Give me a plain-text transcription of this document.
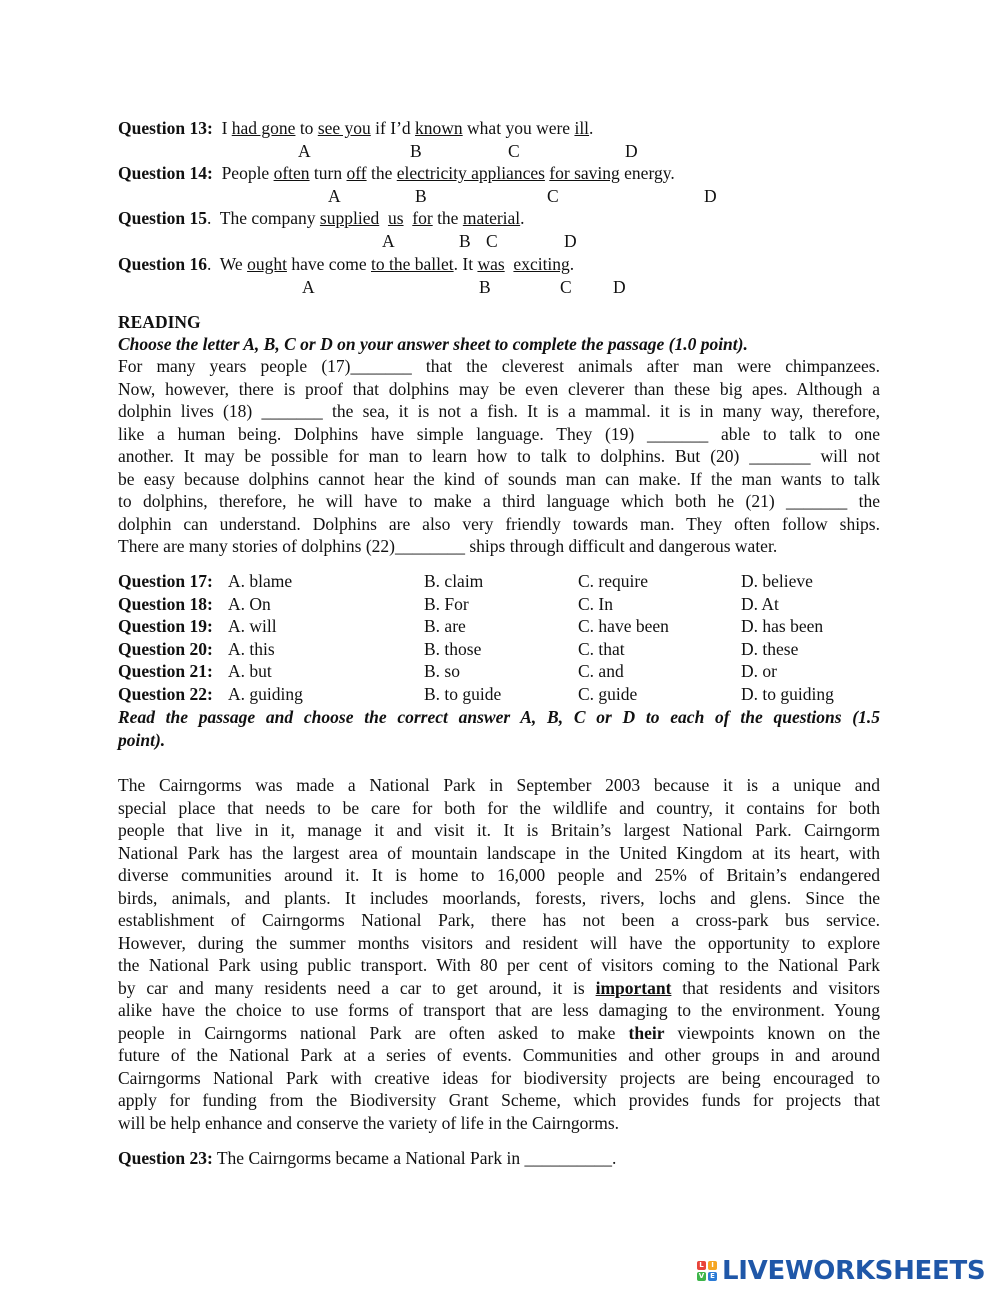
Question 13: I had gone to see you if I’d known what you were ill.
A	B	C	D
Question 14: People often turn off the electricity appliances for saving energy.
A	B	C	D
Question 15. The company supplied us for the material.
A	B C	D
Question 16. We ought have come to the ballet. It was exciting.
A	B	C D
READING
Choose the letter A, B, C or D on your answer sheet to complete the passage (1.0 point).
For many years people (17)_______ that the cleverest animals after man were chimpanzees.
Now, however, there is proof that dolphins may be even cleverer than these big apes. Although a
dolphin lives (18) _______ the sea, it is not a fish. It is a mammal. it is in many way, therefore,
like a human being. Dolphins have simple language. They (19) _______ able to talk to one
another. It may be possible for man to learn how to talk to dolphins. But (20) _______ will not
be easy because dolphins cannot hear the kind of sounds man can make. If the man wants to talk
to dolphins, therefore, he will have to make a third language which both he (21) _______ the
dolphin can understand. Dolphins are also very friendly towards man. They often follow ships.
There are many stories of dolphins (22)________ ships through difficult and dangerous water.
Question 17: A. blame	B. claim	C. require	D. believe
Question 18: A. On	B. For	C. In	D. At
Question 19: A. will	B. are	C. have been	D. has been
Question 20: A. this	B. those	C. that	D. these
Question 21: A. but	B. so	C. and	D. or
Question 22: A. guiding	B. to guide	C. guide	D. to guiding
Read the passage and choose the correct answer A, B, C or D to each of the questions (1.5
point).
The Cairngorms was made a National Park in September 2003 because it is a unique and
special place that needs to be care for both for the wildlife and country, it contains for both
people that live in it, manage it and visit it. It is Britain’s largest National Park. Cairngorm
National Park has the largest area of mountain landscape in the United Kingdom at its heart, with
diverse communities around it. It is home to 16,000 people and 25% of Britain’s endangered
birds, animals, and plants. It includes moorlands, forests, rivers, lochs and glens. Since the
establishment of Cairngorms National Park, there has not been a cross-park bus service.
However, during the summer months visitors and resident will have the opportunity to explore
the National Park using public transport. With 80 per cent of visitors coming to the National Park
by car and many residents need a car to get around, it is important that residents and visitors
alike have the choice to use forms of transport that are less damaging to the environment. Young
people in Cairngorms national Park are often asked to make their viewpoints known on the
future of the National Park at a series of events. Communities and other groups in and around
Cairngorms National Park with creative ideas for biodiversity projects are being encouraged to
apply for funding from the Biodiversity Grant Scheme, which provides funds for projects that
will be help enhance and conserve the variety of life in the Cairngorms.
Question 23: The Cairngorms became a National Park in __________.
L	I
V E LIVEWORKSHEETS
